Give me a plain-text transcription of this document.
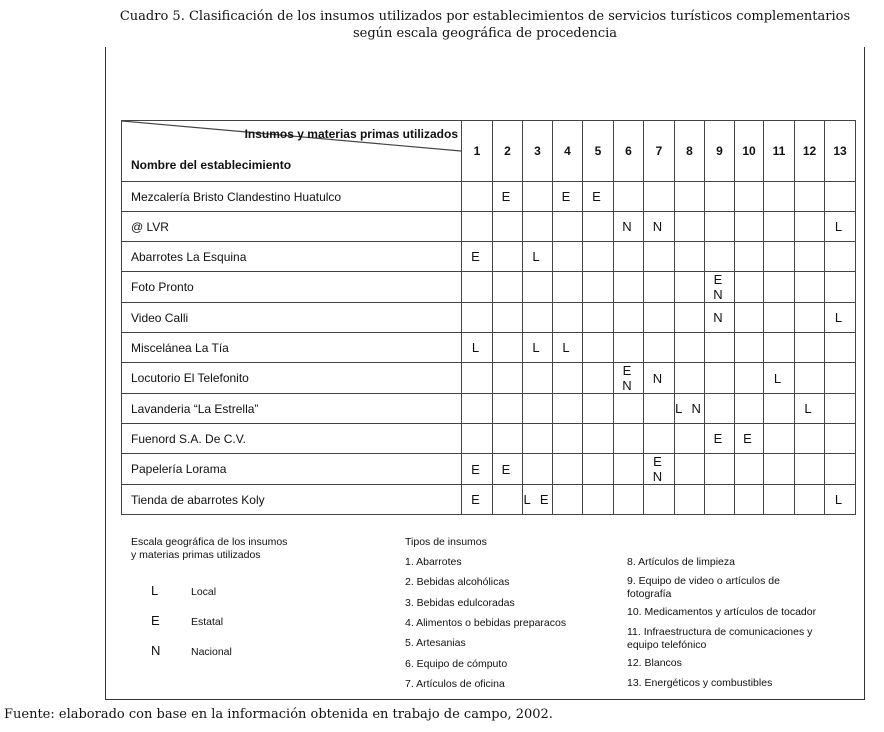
Cuadro 5. Clasificación de los insumos utilizados por establecimientos de servicios turísticos complementarios
según escala geográfica de procedencia
Insumos y materias primas utilizados
Nombre del establecimiento	1	2	3	4	5	6	7	8	9	10	11	12	13
Mezcalería Bristo Clandestino Huatulco		E		E	E								
@ LVR						N	N						L
Abarrotes La Esquina	E		L										
Foto Pronto									E N				
Video Calli									N				L
Miscelánea La Tía	L		L	L									
Locutorio El Telefonito						E N	N				L		
Lavanderia “La Estrella”								L N				L	
Fuenord S.A. De C.V.									E	E			
Papelería Lorama	E	E					E N						
Tienda de abarrotes Koly	E		L E										L
Escala geográfica de los insumos
y materias primas utilizados
L	Local
E	Estatal
N	Nacional
Tipos de insumos
1. Abarrotes
2. Bebidas alcohólicas
3. Bebidas edulcoradas
4. Alimentos o bebidas preparacos
5. Artesanias
6. Equipo de cómputo
7. Artículos de oficina
8. Artículos de limpieza
9. Equipo de video o artículos de fotografía
10. Medicamentos y artículos de tocador
11. Infraestructura de comunicaciones y equipo telefónico
12. Blancos
13. Energéticos y combustibles
Fuente: elaborado con base en la información obtenida en trabajo de campo, 2002.
